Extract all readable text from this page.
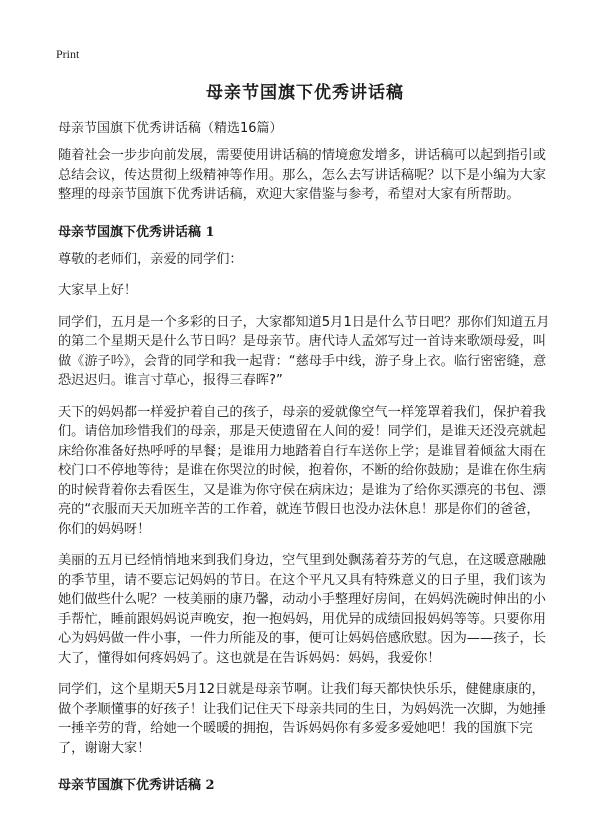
Print
母亲节国旗下优秀讲话稿
母亲节国旗下优秀讲话稿（精选16篇）

随着社会一步步向前发展，需要使用讲话稿的情境愈发增多，讲话稿可以起到指引或总结会议，传达贯彻上级精神等作用。那么，怎么去写讲话稿呢？以下是小编为大家整理的母亲节国旗下优秀讲话稿，欢迎大家借鉴与参考，希望对大家有所帮助。

母亲节国旗下优秀讲话稿 1

尊敬的老师们，亲爱的同学们：

大家早上好！

同学们，五月是一个多彩的日子，大家都知道5月1日是什么节日吧？那你们知道五月的第二个星期天是什么节日吗？是母亲节。唐代诗人孟郊写过一首诗来歌颂母爱，叫做《游子吟》，会背的同学和我一起背：“慈母手中线，游子身上衣。临行密密缝，意恐迟迟归。谁言寸草心，报得三春晖?”

天下的妈妈都一样爱护着自己的孩子，母亲的爱就像空气一样笼罩着我们，保护着我们。请倍加珍惜我们的母亲，那是天使遗留在人间的爱！同学们，是谁天还没亮就起床给你准备好热呼呼的早餐；是谁用力地踏着自行车送你上学；是谁冒着倾盆大雨在校门口不停地等待；是谁在你哭泣的时候，抱着你，不断的给你鼓励；是谁在你生病的时候背着你去看医生，又是谁为你守侯在病床边；是谁为了给你买漂亮的书包、漂亮的“衣服而天天加班辛苦的工作着，就连节假日也没办法休息！那是你们的爸爸，你们的妈妈呀！

美丽的五月已经悄悄地来到我们身边，空气里到处飘荡着芬芳的气息，在这暖意融融的季节里，请不要忘记妈妈的节日。在这个平凡又具有特殊意义的日子里，我们该为她们做些什么呢？一枝美丽的康乃馨，动动小手整理好房间，在妈妈洗碗时伸出的小手帮忙，睡前跟妈妈说声晚安，抱一抱妈妈，用优异的成绩回报妈妈等等。只要你用心为妈妈做一件小事，一件力所能及的事，便可让妈妈倍感欣慰。因为——孩子，长大了，懂得如何疼妈妈了。这也就是在告诉妈妈：妈妈，我爱你！

同学们，这个星期天5月12日就是母亲节啊。让我们每天都快快乐乐，健健康康的，做个孝顺懂事的好孩子！让我们记住天下母亲共同的生日，为妈妈洗一次脚，为她捶一捶辛劳的背，给她一个暖暖的拥抱，告诉妈妈你有多爱多爱她吧！我的国旗下完了，谢谢大家！

母亲节国旗下优秀讲话稿 2
